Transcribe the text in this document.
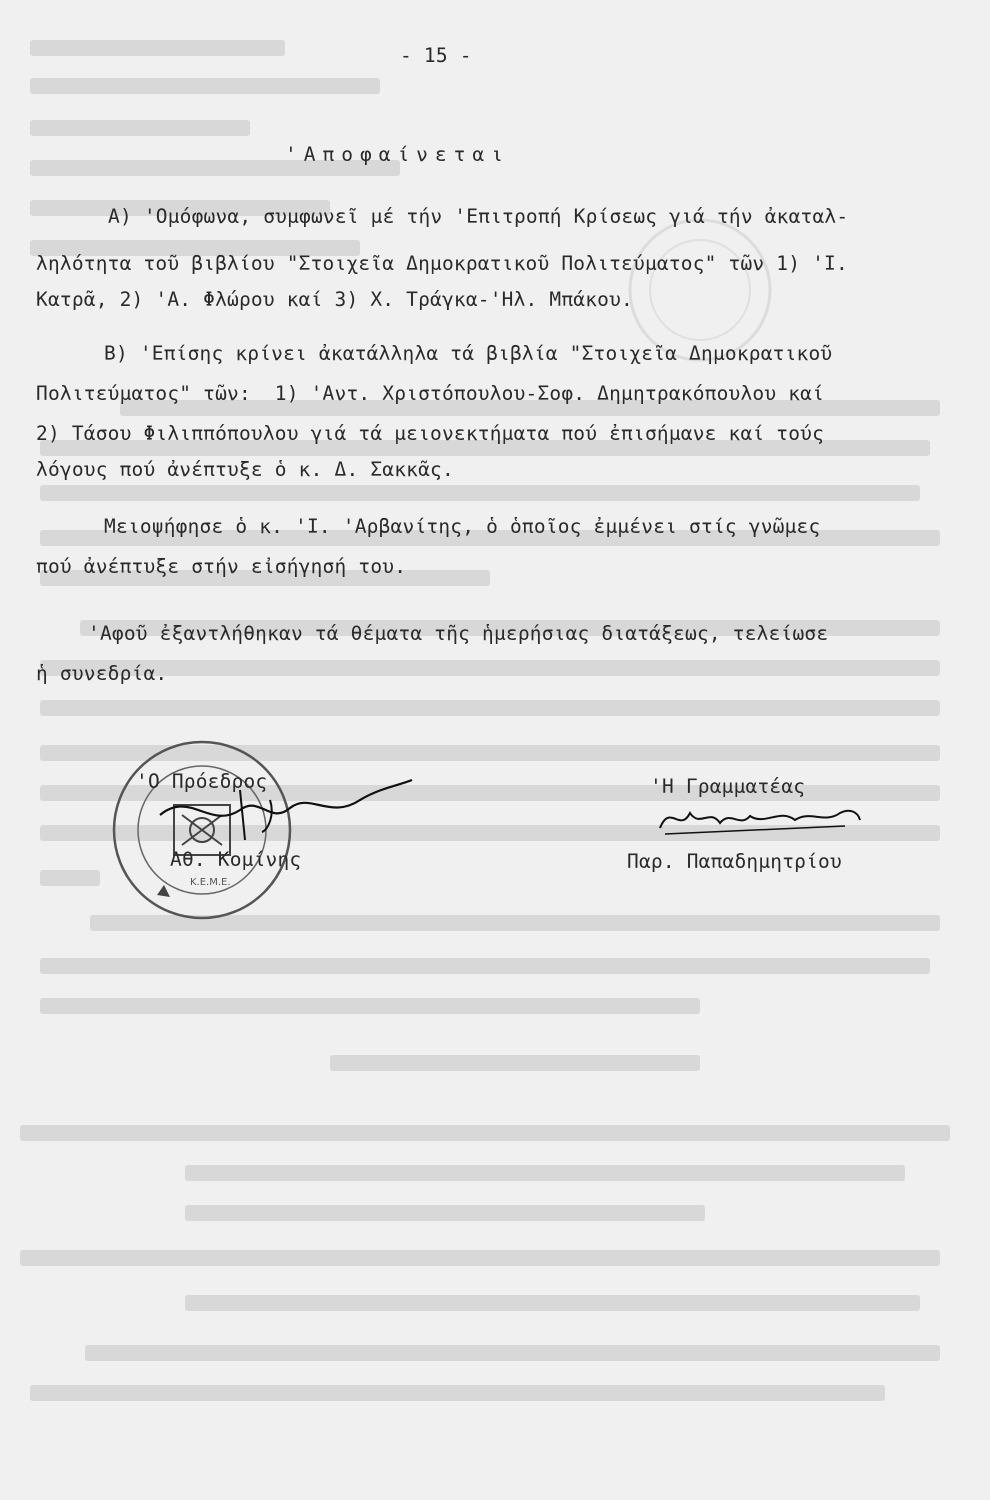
- 15 -
'Αποφαίνεται
Α) 'Ομόφωνα, συμφωνεῖ μέ τήν 'Επιτροπή Κρίσεως γιά τήν ἀκαταλ-
ληλότητα τοῦ βιβλίου "Στοιχεῖα Δημοκρατικοῦ Πολιτεύματος" τῶν 1) 'Ι.
Κατρᾶ, 2) 'Α. Φλώρου καί 3) Χ. Τράγκα-'Ηλ. Μπάκου.
Β) 'Επίσης κρίνει ἀκατάλληλα τά βιβλία "Στοιχεῖα Δημοκρατικοῦ
Πολιτεύματος" τῶν:  1) 'Αντ. Χριστόπουλου-Σοφ. Δημητρακόπουλου καί
2) Τάσου Φιλιππόπουλου γιά τά μειονεκτήματα πού ἐπισήμανε καί τούς
λόγους πού ἀνέπτυξε ὁ κ. Δ. Σακκᾶς.
Μειοψήφησε ὁ κ. 'Ι. 'Αρβανίτης, ὁ ὁποῖος ἐμμένει στίς γνῶμες
πού ἀνέπτυξε στήν εἰσήγησή του.
'Αφοῦ ἐξαντλήθηκαν τά θέματα τῆς ἡμερήσιας διατάξεως, τελείωσε
ἡ συνεδρία.
K.E.M.E.
'Ο Πρόεδρος	'Η Γραμματέας
Αθ. Κομίνης	Παρ. Παπαδημητρίου
